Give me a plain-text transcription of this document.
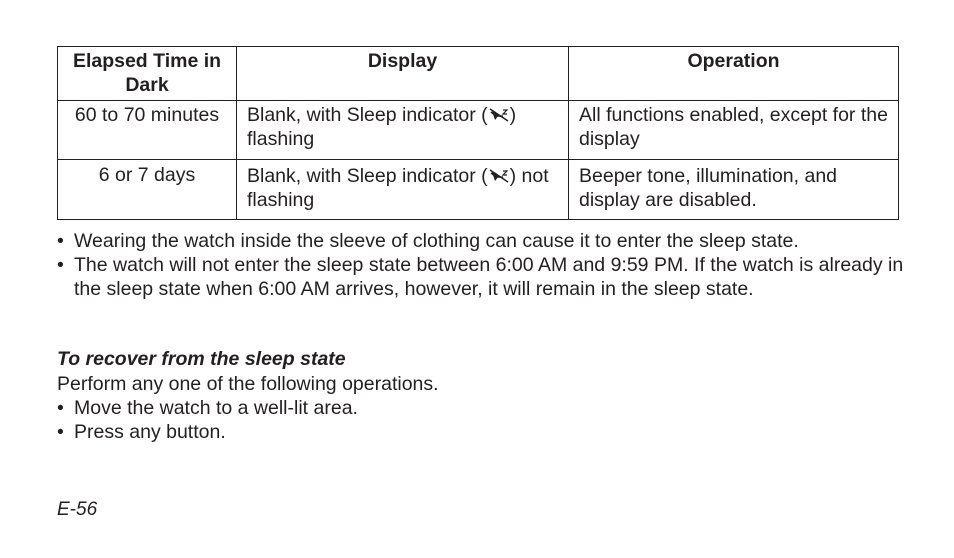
Elapsed Time in Dark	Display	Operation
60 to 70 minutes	Blank, with Sleep indicator ( ) flashing	All functions enabled, except for the display
6 or 7 days	Blank, with Sleep indicator ( ) not flashing	Beeper tone, illumination, and display are disabled.
• Wearing the watch inside the sleeve of clothing can cause it to enter the sleep state.
• The watch will not enter the sleep state between 6:00 AM and 9:59 PM. If the watch is already in the sleep state when 6:00 AM arrives, however, it will remain in the sleep state.
To recover from the sleep state
Perform any one of the following operations.
• Move the watch to a well-lit area.
• Press any button.
E-56
